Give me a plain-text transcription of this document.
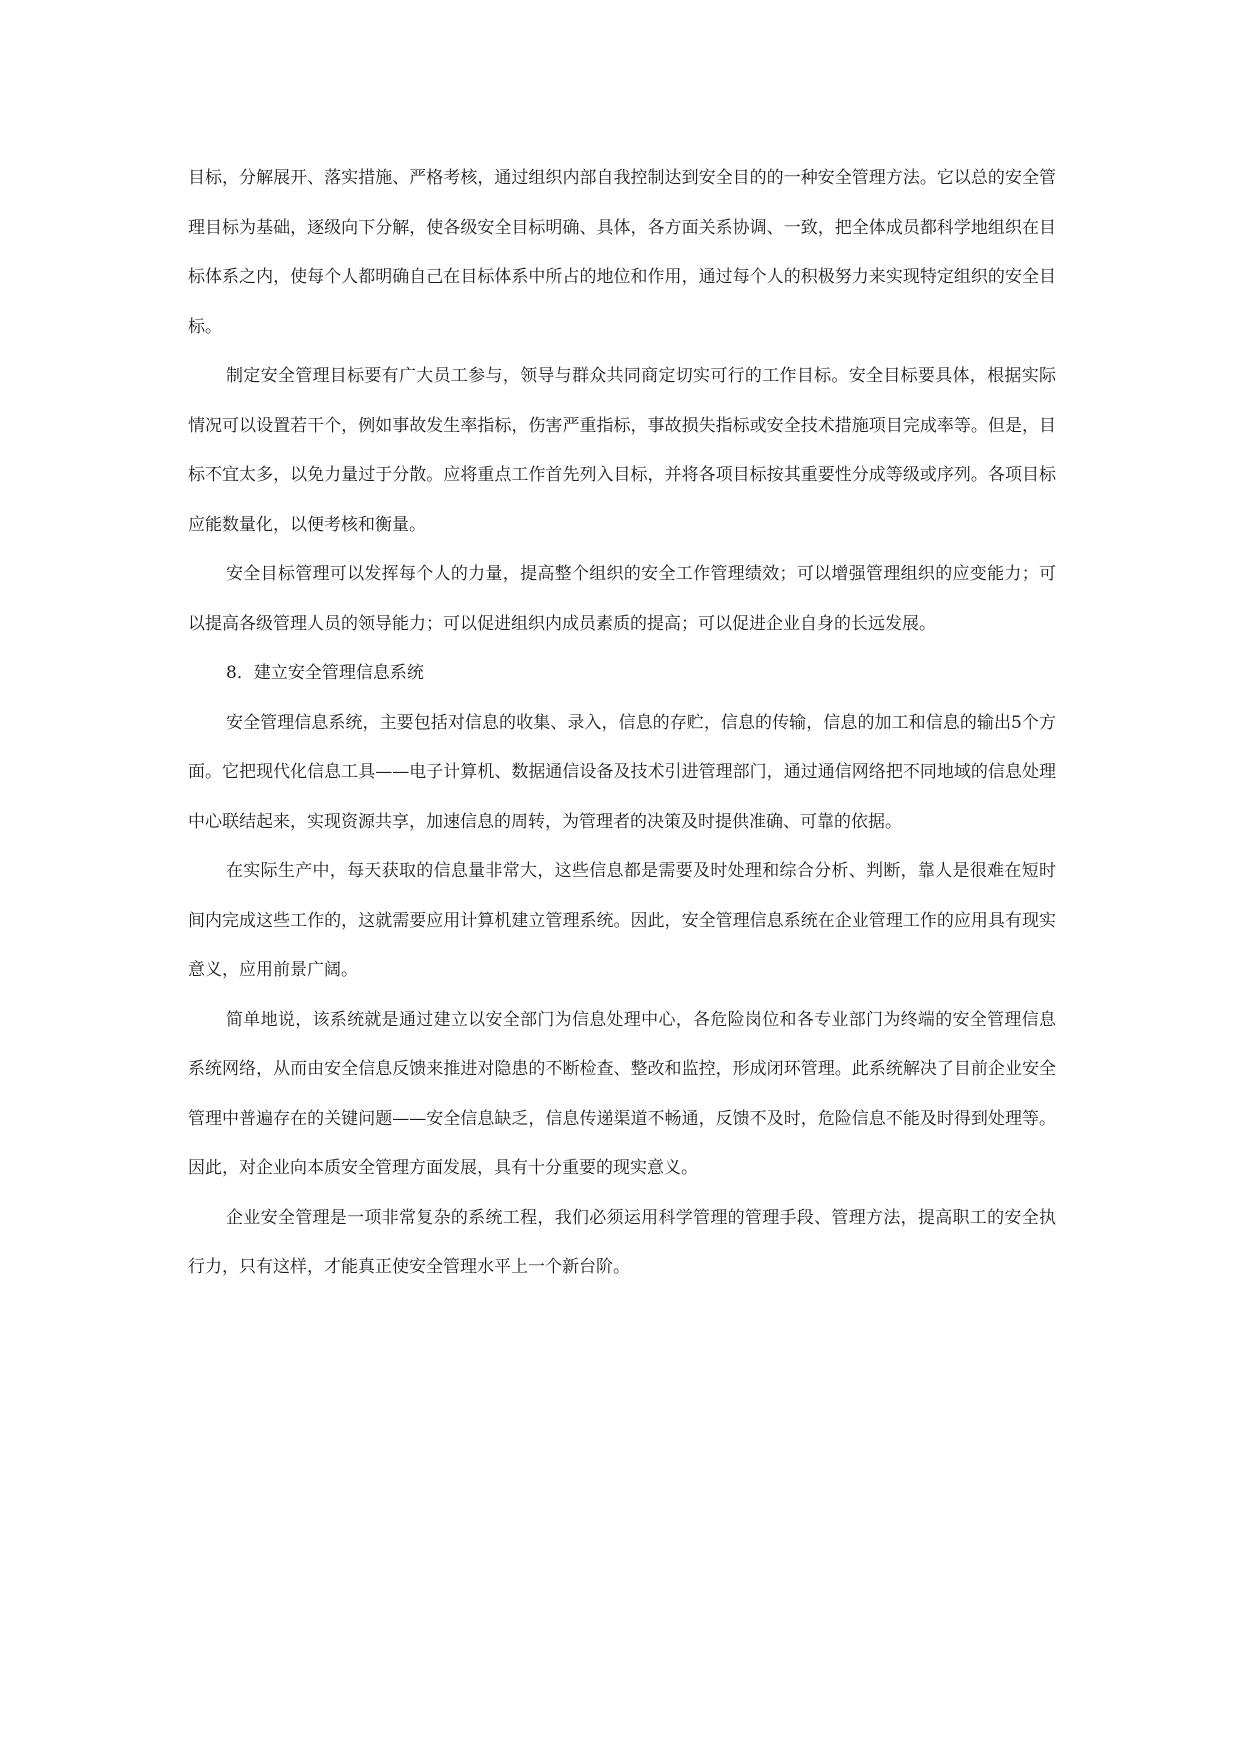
目标，分解展开、落实措施、严格考核，通过组织内部自我控制达到安全目的的一种安全管理方法。它以总的安全管理目标为基础，逐级向下分解，使各级安全目标明确、具体，各方面关系协调、一致，把全体成员都科学地组织在目标体系之内，使每个人都明确自己在目标体系中所占的地位和作用，通过每个人的积极努力来实现特定组织的安全目标。

制定安全管理目标要有广大员工参与，领导与群众共同商定切实可行的工作目标。安全目标要具体，根据实际情况可以设置若干个，例如事故发生率指标，伤害严重指标，事故损失指标或安全技术措施项目完成率等。但是，目标不宜太多，以免力量过于分散。应将重点工作首先列入目标，并将各项目标按其重要性分成等级或序列。各项目标应能数量化，以便考核和衡量。

安全目标管理可以发挥每个人的力量，提高整个组织的安全工作管理绩效；可以增强管理组织的应变能力；可以提高各级管理人员的领导能力；可以促进组织内成员素质的提高；可以促进企业自身的长远发展。

8．建立安全管理信息系统

安全管理信息系统，主要包括对信息的收集、录入，信息的存贮，信息的传输，信息的加工和信息的输出5个方面。它把现代化信息工具——电子计算机、数据通信设备及技术引进管理部门，通过通信网络把不同地域的信息处理中心联结起来，实现资源共享，加速信息的周转，为管理者的决策及时提供准确、可靠的依据。

在实际生产中，每天获取的信息量非常大，这些信息都是需要及时处理和综合分析、判断，靠人是很难在短时间内完成这些工作的，这就需要应用计算机建立管理系统。因此，安全管理信息系统在企业管理工作的应用具有现实意义，应用前景广阔。

简单地说，该系统就是通过建立以安全部门为信息处理中心，各危险岗位和各专业部门为终端的安全管理信息系统网络，从而由安全信息反馈来推进对隐患的不断检查、整改和监控，形成闭环管理。此系统解决了目前企业安全管理中普遍存在的关键问题——安全信息缺乏，信息传递渠道不畅通，反馈不及时，危险信息不能及时得到处理等。因此，对企业向本质安全管理方面发展，具有十分重要的现实意义。

企业安全管理是一项非常复杂的系统工程，我们必须运用科学管理的管理手段、管理方法，提高职工的安全执行力，只有这样，才能真正使安全管理水平上一个新台阶。
